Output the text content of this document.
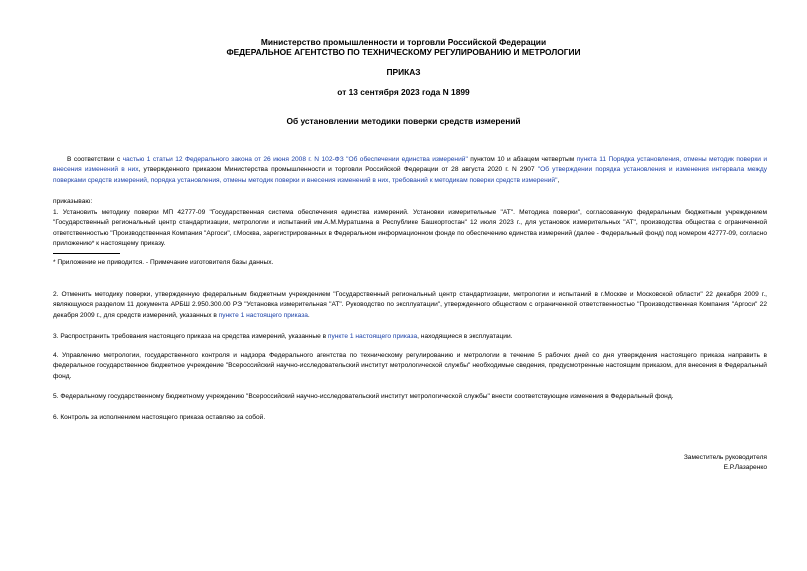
Министерство промышленности и торговли Российской Федерации
ФЕДЕРАЛЬНОЕ АГЕНТСТВО ПО ТЕХНИЧЕСКОМУ РЕГУЛИРОВАНИЮ И МЕТРОЛОГИИ
ПРИКАЗ
от 13 сентября 2023 года N 1899
Об установлении методики поверки средств измерений
В соответствии с частью 1 статьи 12 Федерального закона от 26 июня 2008 г. N 102-ФЗ "Об обеспечении единства измерений" пунктом 10 и абзацем четвертым пункта 11 Порядка установления, отмены методик поверки и внесения изменений в них, утвержденного приказом Министерства промышленности и торговли Российской Федерации от 28 августа 2020 г. N 2907 "Об утверждении порядка установления и изменения интервала между поверками средств измерений, порядка установления, отмены методик поверки и внесения изменений в них, требований к методикам поверки средств измерений",
приказываю:
1. Установить методику поверки МП 42777-09 "Государственная система обеспечения единства измерений. Установки измерительные "АТ". Методика поверки", согласованную федеральным бюджетным учреждением "Государственный региональный центр стандартизации, метрологии и испытаний им.А.М.Муратшина в Республике Башкортостан" 12 июля 2023 г., для установок измерительных "АТ", производства общества с ограниченной ответственностью "Производственная Компания "Аргоси", г.Москва, зарегистрированных в Федеральном информационном фонде по обеспечению единства измерений (далее - Федеральный фонд) под номером 42777-09, согласно приложению* к настоящему приказу.
* Приложение не приводится. - Примечание изготовителя базы данных.
2. Отменить методику поверки, утвержденную федеральным бюджетным учреждением "Государственный региональный центр стандартизации, метрологии и испытаний в г.Москве и Московской области" 22 декабря 2009 г., являющуюся разделом 11 документа АРБШ 2.950.300.00 РЭ "Установка измерительная "АТ". Руководство по эксплуатации", утвержденного обществом с ограниченной ответственностью "Производственная Компания "Аргоси" 22 декабря 2009 г., для средств измерений, указанных в пункте 1 настоящего приказа.
3. Распространить требования настоящего приказа на средства измерений, указанные в пункте 1 настоящего приказа, находящиеся в эксплуатации.
4. Управлению метрологии, государственного контроля и надзора Федерального агентства по техническому регулированию и метрологии в течение 5 рабочих дней со дня утверждения настоящего приказа направить в федеральное государственное бюджетное учреждение "Всероссийский научно-исследовательский институт метрологической службы" необходимые сведения, предусмотренные настоящим приказом, для внесения в Федеральный фонд.
5. Федеральному государственному бюджетному учреждению "Всероссийский научно-исследовательский институт метрологической службы" внести соответствующие изменения в Федеральный фонд.
6. Контроль за исполнением настоящего приказа оставляю за собой.
Заместитель руководителя
Е.Р.Лазаренко
